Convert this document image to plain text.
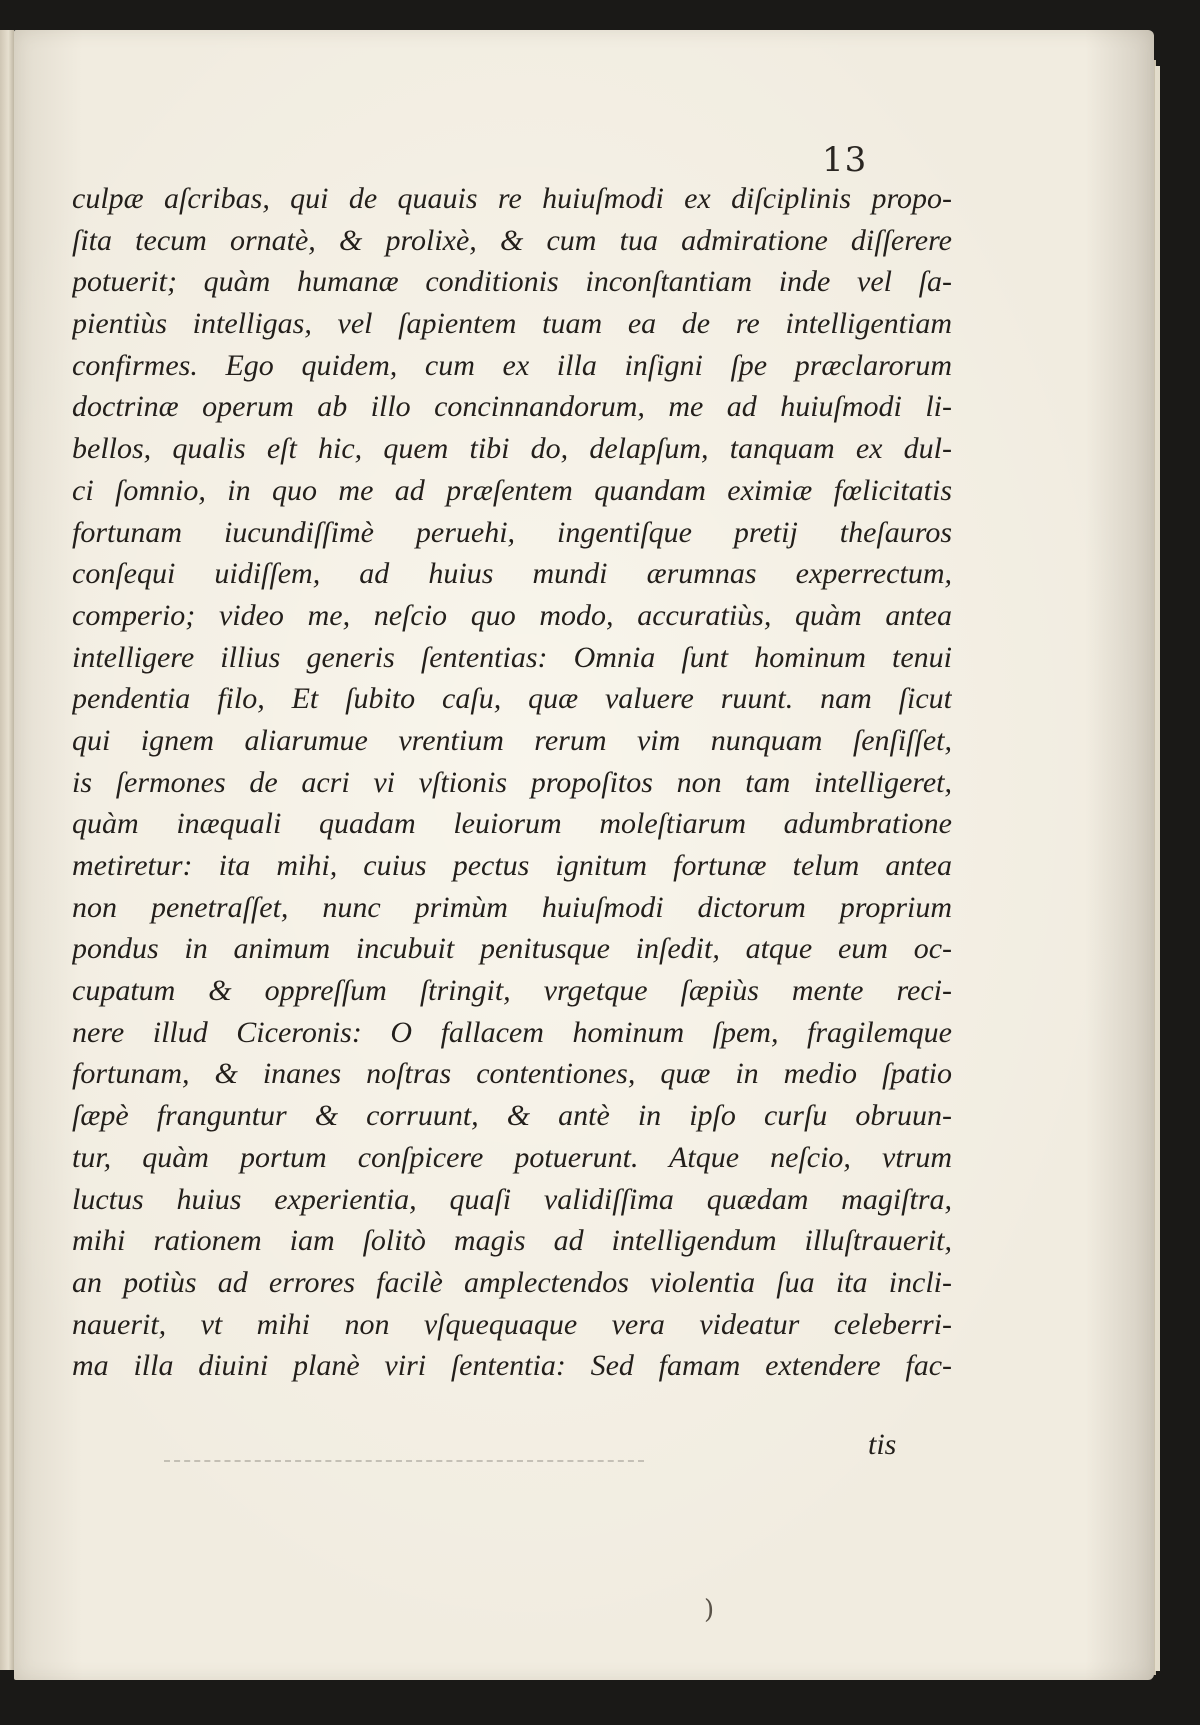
13
culpæ aſcribas, qui de quauis re huiuſmodi ex diſciplinis propo-
ſita tecum ornatè, & prolixè, & cum tua admiratione diſſerere
potuerit; quàm humanæ conditionis inconſtantiam inde vel ſa-
pientiùs intelligas, vel ſapientem tuam ea de re intelligentiam
confirmes. Ego quidem, cum ex illa inſigni ſpe præclarorum
doctrinæ operum ab illo concinnandorum, me ad huiuſmodi li-
bellos, qualis eſt hic, quem tibi do, delapſum, tanquam ex dul-
ci ſomnio, in quo me ad præſentem quandam eximiæ fœlicitatis
fortunam iucundiſſimè peruehi, ingentiſque pretij theſauros
conſequi uidiſſem, ad huius mundi ærumnas experrectum,
comperio; video me, neſcio quo modo, accuratiùs, quàm antea
intelligere illius generis ſententias: Omnia ſunt hominum tenui
pendentia filo, Et ſubito caſu, quæ valuere ruunt. nam ſicut
qui ignem aliarumue vrentium rerum vim nunquam ſenſiſſet,
is ſermones de acri vi vſtionis propoſitos non tam intelligeret,
quàm inæquali quadam leuiorum moleſtiarum adumbratione
metiretur: ita mihi, cuius pectus ignitum fortunæ telum antea
non penetraſſet, nunc primùm huiuſmodi dictorum proprium
pondus in animum incubuit penitusque inſedit, atque eum oc-
cupatum & oppreſſum ſtringit, vrgetque ſæpiùs mente reci-
nere illud Ciceronis: O fallacem hominum ſpem, fragilemque
fortunam, & inanes noſtras contentiones, quæ in medio ſpatio
ſæpè franguntur & corruunt, & antè in ipſo curſu obruun-
tur, quàm portum conſpicere potuerunt. Atque neſcio, vtrum
luctus huius experientia, quaſi validiſſima quædam magiſtra,
mihi rationem iam ſolitò magis ad intelligendum illuſtrauerit,
an potiùs ad errores facilè amplectendos violentia ſua ita incli-
nauerit, vt mihi non vſquequaque vera videatur celeberri-
ma illa diuini planè viri ſententia: Sed famam extendere fac-
tis
)
